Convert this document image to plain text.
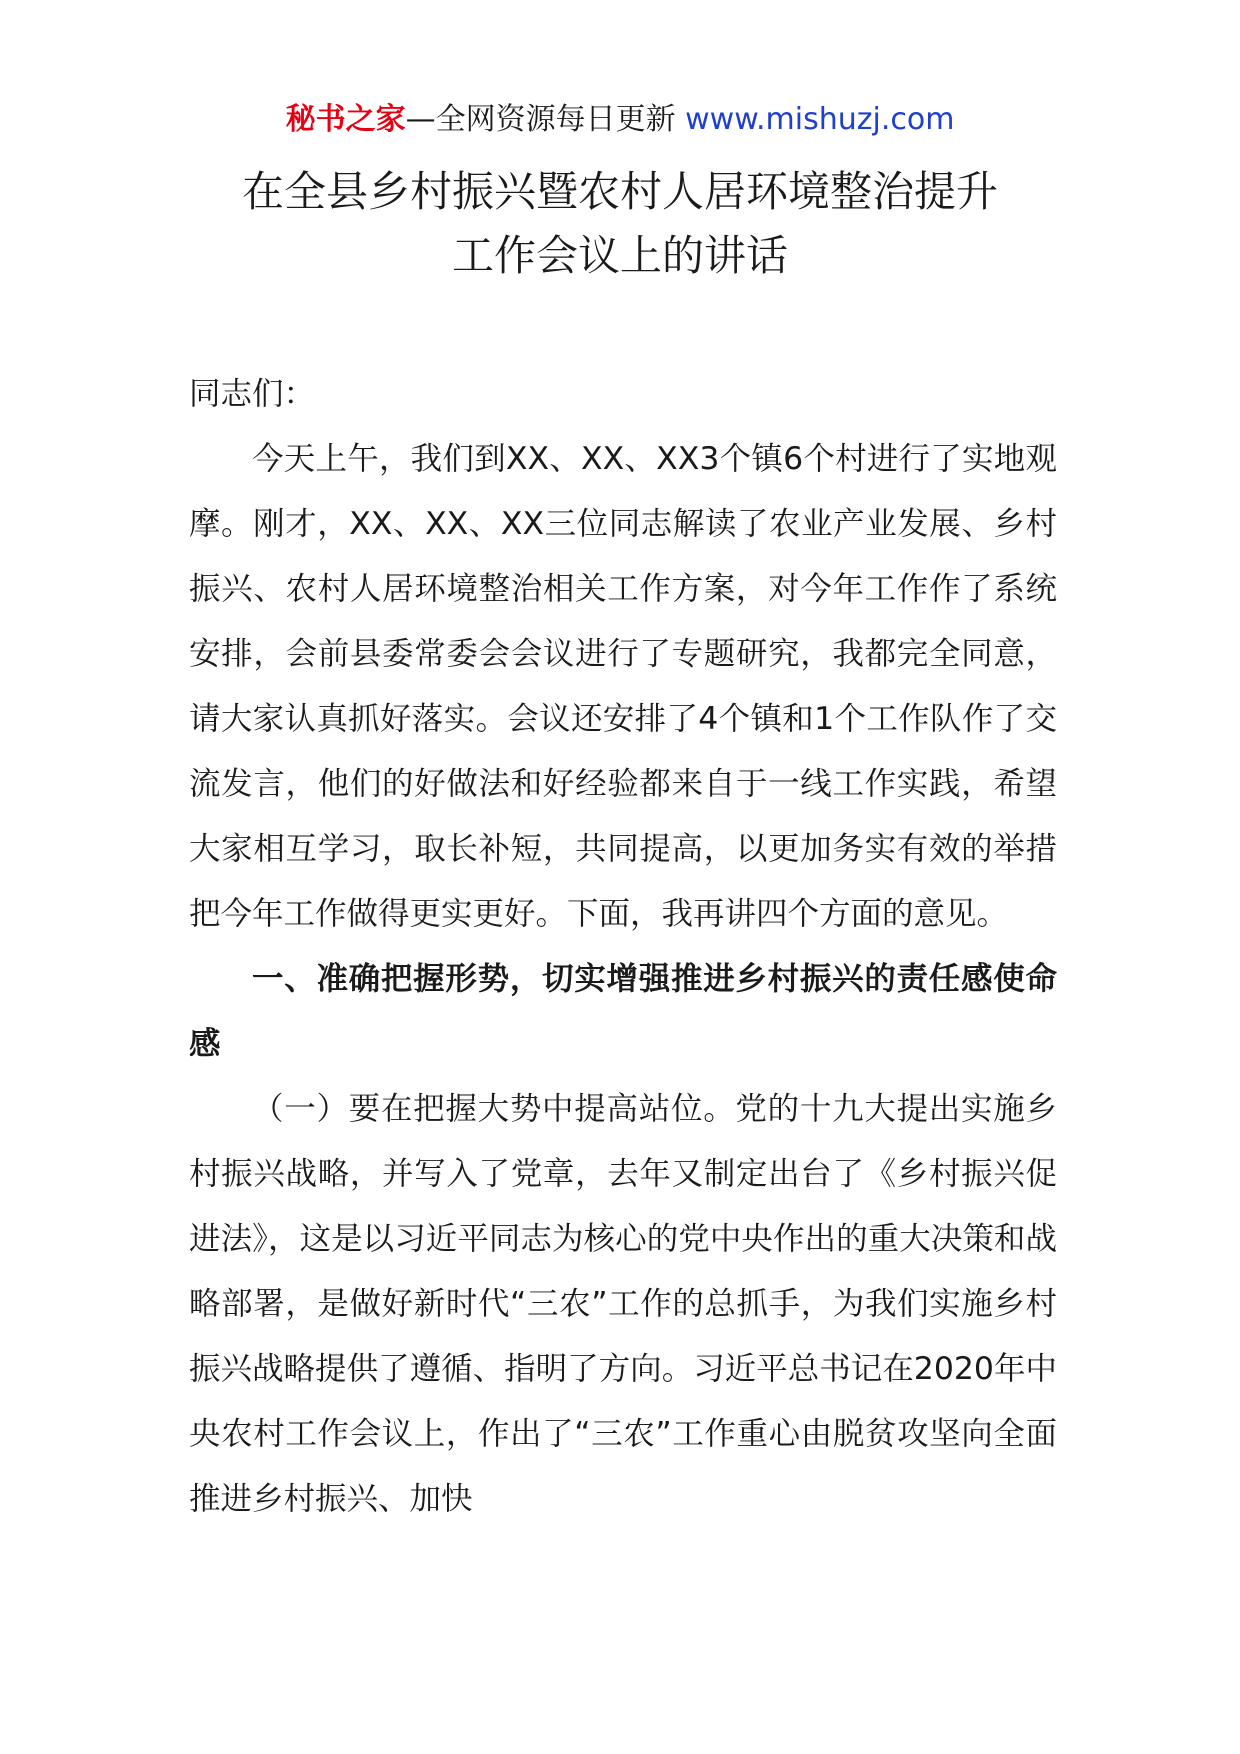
秘书之家—全网资源每日更新 www.mishuzj.com
在全县乡村振兴暨农村人居环境整治提升
工作会议上的讲话

同志们：

今天上午，我们到XX、XX、XX3个镇6个村进行了实地观摩。刚才，XX、XX、XX三位同志解读了农业产业发展、乡村振兴、农村人居环境整治相关工作方案，对今年工作作了系统安排，会前县委常委会会议进行了专题研究，我都完全同意，请大家认真抓好落实。会议还安排了4个镇和1个工作队作了交流发言，他们的好做法和好经验都来自于一线工作实践，希望大家相互学习，取长补短，共同提高，以更加务实有效的举措把今年工作做得更实更好。下面，我再讲四个方面的意见。

一、准确把握形势，切实增强推进乡村振兴的责任感使命感

（一）要在把握大势中提高站位。党的十九大提出实施乡村振兴战略，并写入了党章，去年又制定出台了《乡村振兴促进法》，这是以习近平同志为核心的党中央作出的重大决策和战略部署，是做好新时代“三农”工作的总抓手，为我们实施乡村振兴战略提供了遵循、指明了方向。习近平总书记在2020年中央农村工作会议上，作出了“三农”工作重心由脱贫攻坚向全面推进乡村振兴、加快
